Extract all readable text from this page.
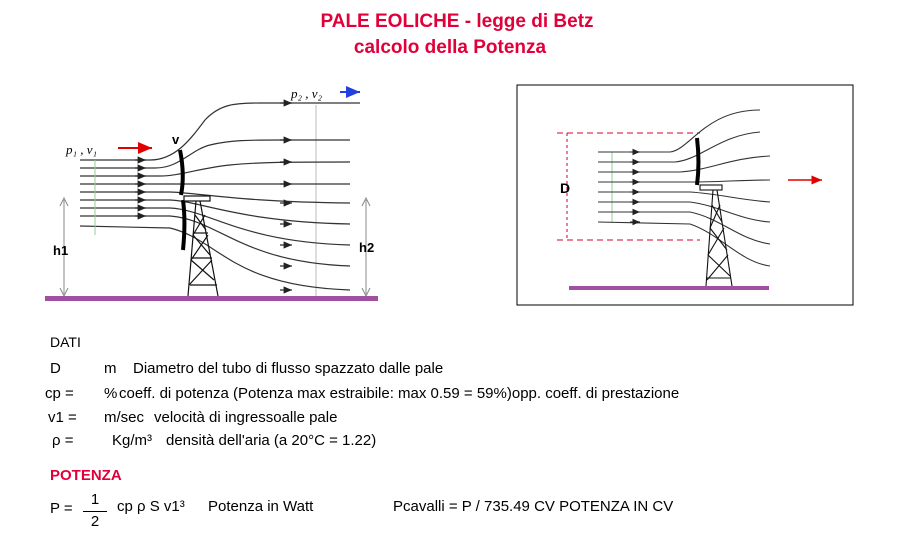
PALE EOLICHE - legge di Betz
calcolo della Potenza
p₁ , v₁
p₂ , v₂
v
h1	h2
D
DATI
D	m Diametro del tubo di flusso spazzato dalle pale
cp = % coeff. di potenza (Potenza max estraibile: max 0.59 = 59%)opp. coeff. di prestazione
v1 = m/sec velocità di ingressoalle pale
ρ =	Kg/m³ densità dell'aria (a 20°C = 1.22)
POTENZA
P =
1
2
cp ρ S v1³ Potenza in Watt	Pcavalli = P / 735.49 CV POTENZA IN CV
